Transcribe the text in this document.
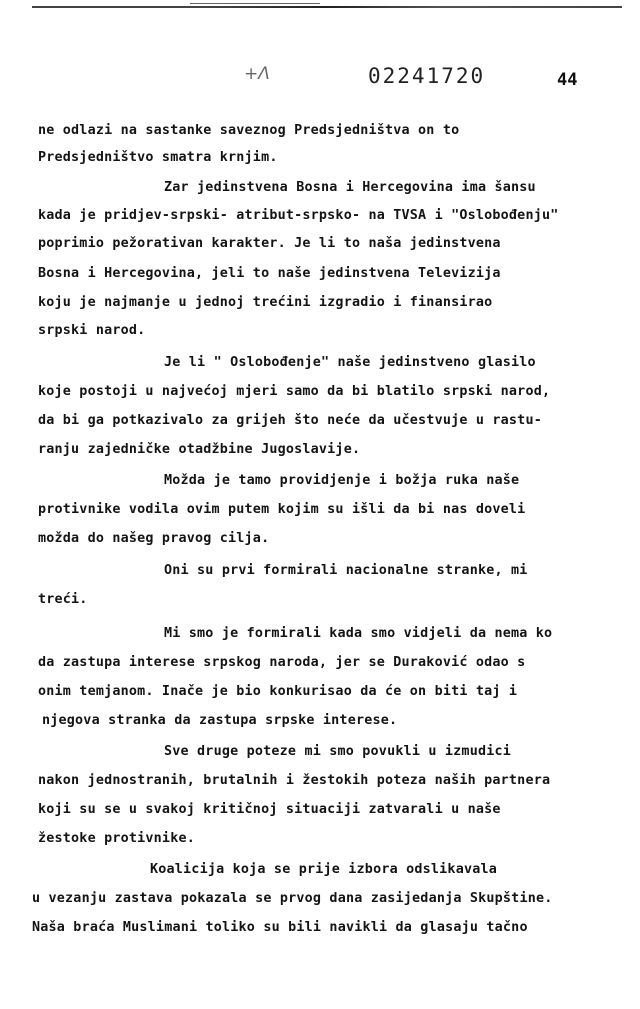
+Λ	02241720	44
ne odlazi na sastanke saveznog Predsjedništva on to
Predsjedništvo smatra krnjim.
Zar jedinstvena Bosna i Hercegovina ima šansu
kada je pridjev-srpski- atribut-srpsko- na TVSA i "Oslobođenju"
poprimio pežorativan karakter. Je li to naša jedinstvena
Bosna i Hercegovina, jeli to naše jedinstvena Televizija
koju je najmanje u jednoj trećini izgradio i finansirao
srpski narod.
Je li " Oslobođenje" naše jedinstveno glasilo
koje postoji u najvećoj mjeri samo da bi blatilo srpski narod,
da bi ga potkazivalo za grijeh što neće da učestvuje u rastu-
ranju zajedničke otadžbine Jugoslavije.
Možda je tamo providjenje i božja ruka naše
protivnike vodila ovim putem kojim su išli da bi nas doveli
možda do našeg pravog cilja.
Oni su prvi formirali nacionalne stranke, mi
treći.
Mi smo je formirali kada smo vidjeli da nema ko
da zastupa interese srpskog naroda, jer se Duraković odao s
onim temjanom. Inače je bio konkurisao da će on biti taj i
njegova stranka da zastupa srpske interese.
Sve druge poteze mi smo povukli u izmudici
nakon jednostranih, brutalnih i žestokih poteza naših partnera
koji su se u svakoj kritičnoj situaciji zatvarali u naše
žestoke protivnike.
Koalicija koja se prije izbora odslikavala
u vezanju zastava pokazala se prvog dana zasijedanja Skupštine.
Naša braća Muslimani toliko su bili navikli da glasaju tačno
